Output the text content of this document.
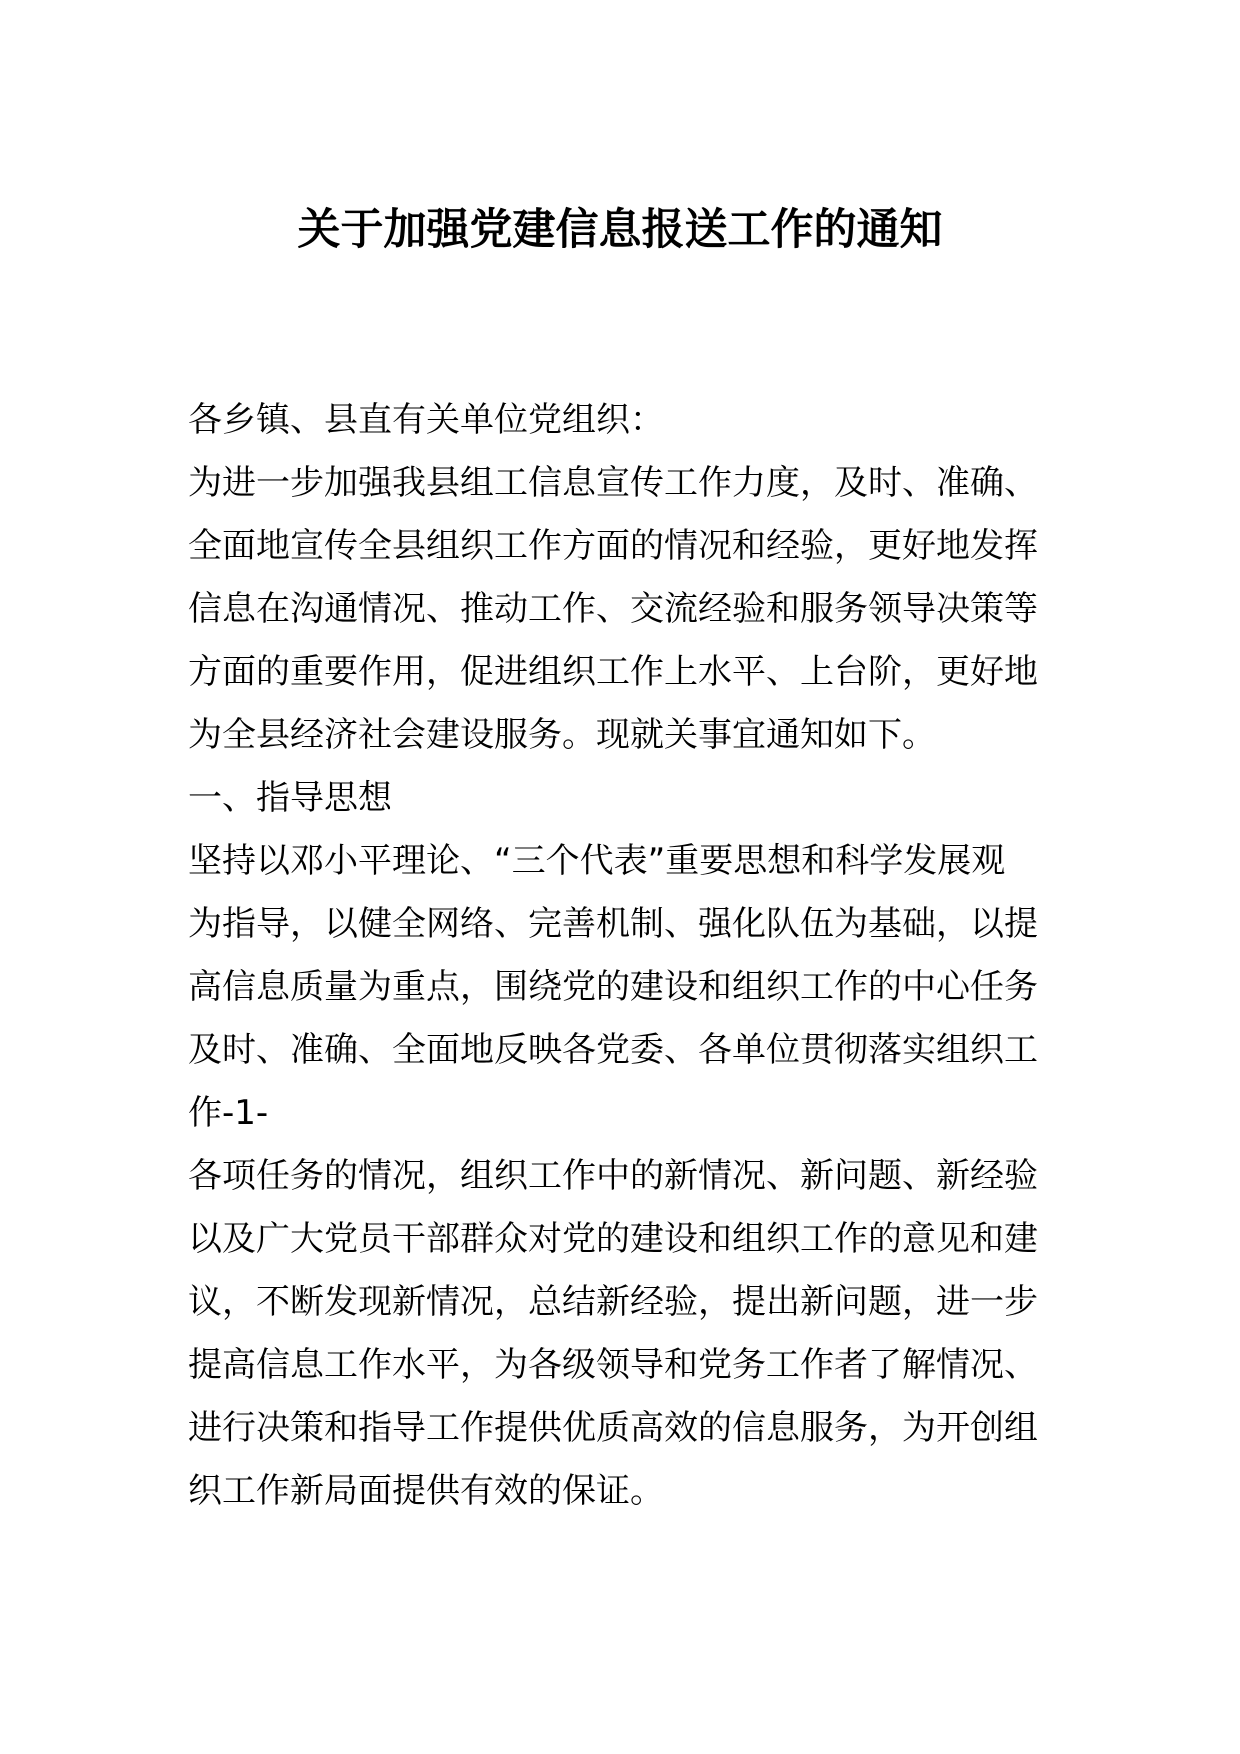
关于加强党建信息报送工作的通知
各乡镇、县直有关单位党组织：
为进一步加强我县组工信息宣传工作力度，及时、准确、
全面地宣传全县组织工作方面的情况和经验，更好地发挥
信息在沟通情况、推动工作、交流经验和服务领导决策等
方面的重要作用，促进组织工作上水平、上台阶，更好地
为全县经济社会建设服务。现就关事宜通知如下。
一、指导思想
坚持以邓小平理论、“三个代表”重要思想和科学发展观
为指导，以健全网络、完善机制、强化队伍为基础，以提
高信息质量为重点，围绕党的建设和组织工作的中心任务
及时、准确、全面地反映各党委、各单位贯彻落实组织工
作-1-
各项任务的情况，组织工作中的新情况、新问题、新经验
以及广大党员干部群众对党的建设和组织工作的意见和建
议，不断发现新情况，总结新经验，提出新问题，进一步
提高信息工作水平，为各级领导和党务工作者了解情况、
进行决策和指导工作提供优质高效的信息服务，为开创组
织工作新局面提供有效的保证。
